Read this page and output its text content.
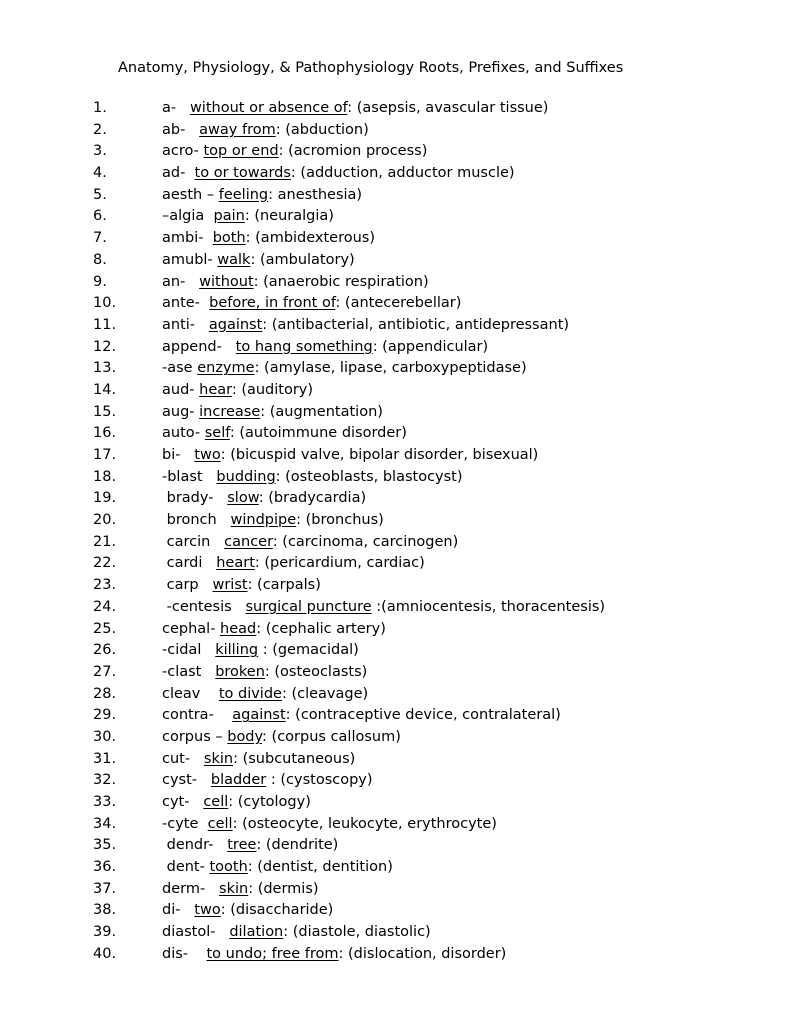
Anatomy, Physiology, & Pathophysiology Roots, Prefixes, and Suffixes
1.	a-   without or absence of: (asepsis, avascular tissue)
2.	ab-   away from: (abduction)
3.	acro- top or end: (acromion process)
4.	ad-  to or towards: (adduction, adductor muscle)
5.	aesth – feeling: anesthesia)
6.	–algia  pain: (neuralgia)
7.	ambi-  both: (ambidexterous)
8.	amubl- walk: (ambulatory)
9.	an-   without: (anaerobic respiration)
10.	ante-  before, in front of: (antecerebellar)
11.	anti-   against: (antibacterial, antibiotic, antidepressant)
12.	append-   to hang something: (appendicular)
13.	-ase enzyme: (amylase, lipase, carboxypeptidase)
14.	aud- hear: (auditory)
15.	aug- increase: (augmentation)
16.	auto- self: (autoimmune disorder)
17.	bi-   two: (bicuspid valve, bipolar disorder, bisexual)
18.	-blast   budding: (osteoblasts, blastocyst)
19.	brady-   slow: (bradycardia)
20.	bronch   windpipe: (bronchus)
21.	carcin   cancer: (carcinoma, carcinogen)
22.	cardi   heart: (pericardium, cardiac)
23.	carp   wrist: (carpals)
24.	-centesis   surgical puncture :(amniocentesis, thoracentesis)
25.	cephal- head: (cephalic artery)
26.	-cidal   killing : (gemacidal)
27.	-clast   broken: (osteoclasts)
28.	cleav    to divide: (cleavage)
29.	contra-    against: (contraceptive device, contralateral)
30.	corpus – body: (corpus callosum)
31.	cut-   skin: (subcutaneous)
32.	cyst-   bladder : (cystoscopy)
33.	cyt-   cell: (cytology)
34.	-cyte  cell: (osteocyte, leukocyte, erythrocyte)
35.	dendr-   tree: (dendrite)
36.	dent- tooth: (dentist, dentition)
37.	derm-   skin: (dermis)
38.	di-   two: (disaccharide)
39.	diastol-   dilation: (diastole, diastolic)
40.	dis-    to undo; free from: (dislocation, disorder)
